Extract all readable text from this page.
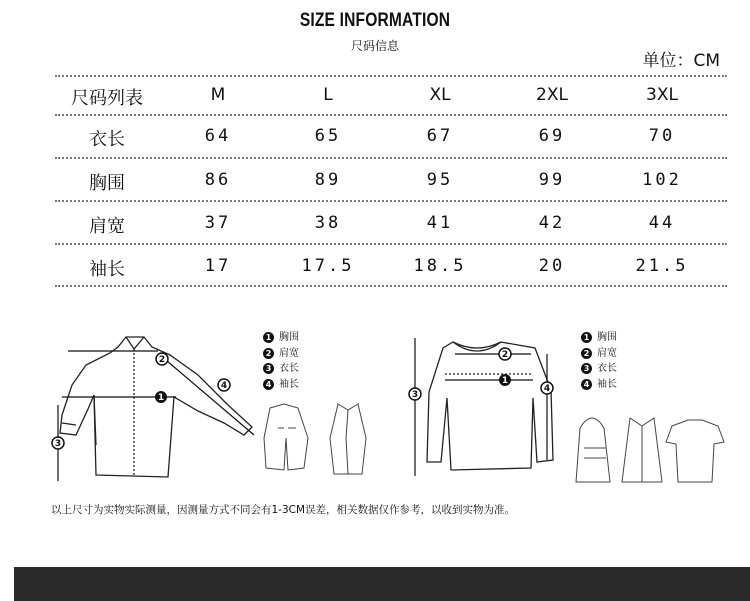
SIZE INFORMATION
尺码信息
单位：CM
尺码列表	M	L	XL	2XL	3XL
衣长	64	65	67	69	70
胸围	86	89	95	99	102
肩宽	37	38	41	42	44
袖长	17	17.5	18.5	20	21.5
1
2
3
4
1 胸围
2 肩宽
3 衣长
4 袖长	1
2
3
4
1 胸围
2 肩宽
3 衣长
4 袖长
以上尺寸为实物实际测量，因测量方式不同会有1-3CM误差，相关数据仅作参考，以收到实物为准。
